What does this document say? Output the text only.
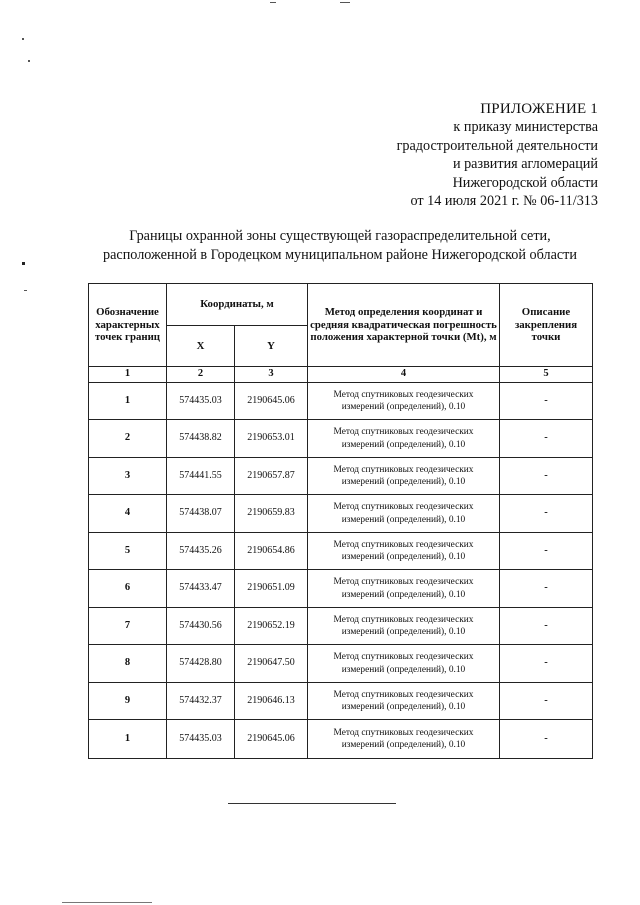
ПРИЛОЖЕНИЕ 1
к приказу министерства
градостроительной деятельности
и развития агломераций
Нижегородской области
от 14 июля 2021 г. № 06-11/313
Границы охранной зоны существующей газораспределительной сети,
расположенной в Городецком муниципальном районе Нижегородской области
Обозначение характерных точек границ	Координаты, м		Метод определения координат и средняя квадратическая погрешность положения характерной точки (Mt), м	Описание закрепления точки
	X	Y		
1	2	3	4	5
1	574435.03	2190645.06	Метод спутниковых геодезических измерений (определений), 0.10	-
2	574438.82	2190653.01	Метод спутниковых геодезических измерений (определений), 0.10	-
3	574441.55	2190657.87	Метод спутниковых геодезических измерений (определений), 0.10	-
4	574438.07	2190659.83	Метод спутниковых геодезических измерений (определений), 0.10	-
5	574435.26	2190654.86	Метод спутниковых геодезических измерений (определений), 0.10	-
6	574433.47	2190651.09	Метод спутниковых геодезических измерений (определений), 0.10	-
7	574430.56	2190652.19	Метод спутниковых геодезических измерений (определений), 0.10	-
8	574428.80	2190647.50	Метод спутниковых геодезических измерений (определений), 0.10	-
9	574432.37	2190646.13	Метод спутниковых геодезических измерений (определений), 0.10	-
1	574435.03	2190645.06	Метод спутниковых геодезических измерений (определений), 0.10	-
